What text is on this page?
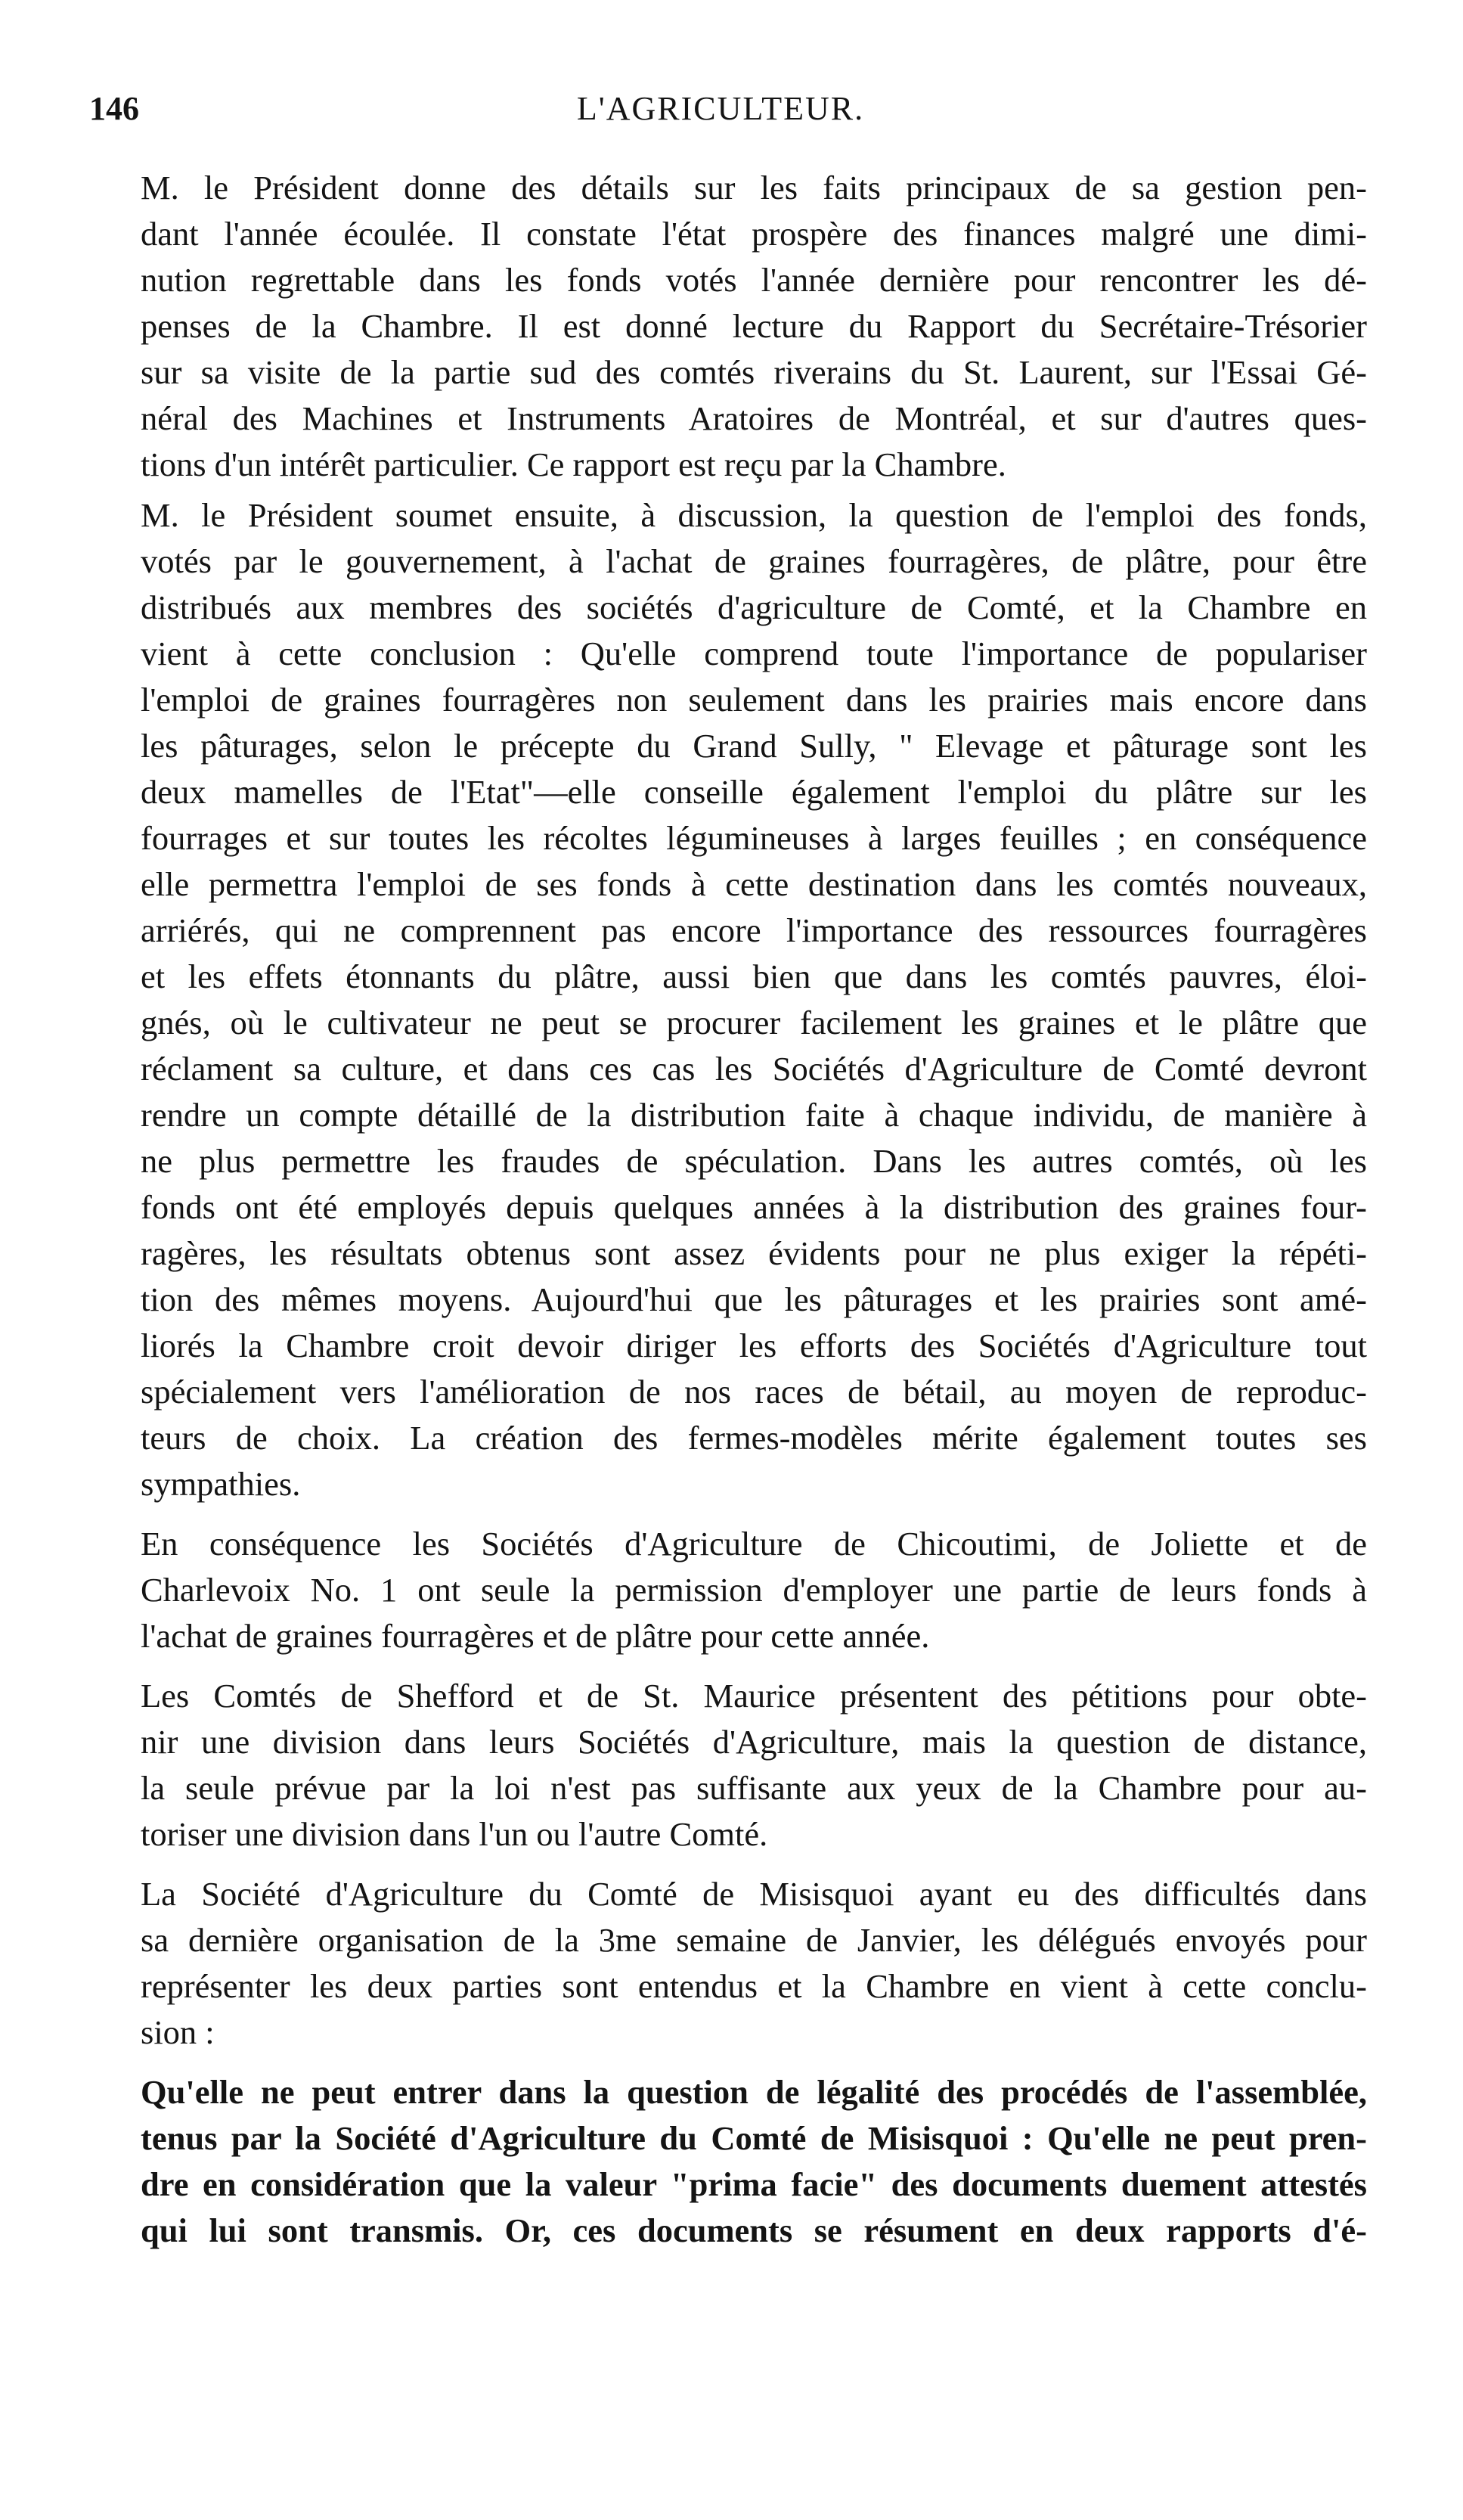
146	L'AGRICULTEUR.

M. le Président donne des détails sur les faits principaux de sa gestion pen-
dant l'année écoulée. Il constate l'état prospère des finances malgré une dimi-
nution regrettable dans les fonds votés l'année dernière pour rencontrer les dé-
penses de la Chambre. Il est donné lecture du Rapport du Secrétaire-Trésorier
sur sa visite de la partie sud des comtés riverains du St. Laurent, sur l'Essai Gé-
néral des Machines et Instruments Aratoires de Montréal, et sur d'autres ques-
tions d'un intérêt particulier. Ce rapport est reçu par la Chambre.

M. le Président soumet ensuite, à discussion, la question de l'emploi des fonds,
votés par le gouvernement, à l'achat de graines fourragères, de plâtre, pour être
distribués aux membres des sociétés d'agriculture de Comté, et la Chambre en
vient à cette conclusion : Qu'elle comprend toute l'importance de populariser
l'emploi de graines fourragères non seulement dans les prairies mais encore dans
les pâturages, selon le précepte du Grand Sully, " Elevage et pâturage sont les
deux mamelles de l'Etat"—elle conseille également l'emploi du plâtre sur les
fourrages et sur toutes les récoltes légumineuses à larges feuilles ; en conséquence
elle permettra l'emploi de ses fonds à cette destination dans les comtés nouveaux,
arriérés, qui ne comprennent pas encore l'importance des ressources fourragères
et les effets étonnants du plâtre, aussi bien que dans les comtés pauvres, éloi-
gnés, où le cultivateur ne peut se procurer facilement les graines et le plâtre que
réclament sa culture, et dans ces cas les Sociétés d'Agriculture de Comté devront
rendre un compte détaillé de la distribution faite à chaque individu, de manière à
ne plus permettre les fraudes de spéculation. Dans les autres comtés, où les
fonds ont été employés depuis quelques années à la distribution des graines four-
ragères, les résultats obtenus sont assez évidents pour ne plus exiger la répéti-
tion des mêmes moyens. Aujourd'hui que les pâturages et les prairies sont amé-
liorés la Chambre croit devoir diriger les efforts des Sociétés d'Agriculture tout
spécialement vers l'amélioration de nos races de bétail, au moyen de reproduc-
teurs de choix. La création des fermes-modèles mérite également toutes ses
sympathies.

En conséquence les Sociétés d'Agriculture de Chicoutimi, de Joliette et de
Charlevoix No. 1 ont seule la permission d'employer une partie de leurs fonds à
l'achat de graines fourragères et de plâtre pour cette année.

Les Comtés de Shefford et de St. Maurice présentent des pétitions pour obte-
nir une division dans leurs Sociétés d'Agriculture, mais la question de distance,
la seule prévue par la loi n'est pas suffisante aux yeux de la Chambre pour au-
toriser une division dans l'un ou l'autre Comté.

La Société d'Agriculture du Comté de Misisquoi ayant eu des difficultés dans
sa dernière organisation de la 3me semaine de Janvier, les délégués envoyés pour
représenter les deux parties sont entendus et la Chambre en vient à cette conclu-
sion :

Qu'elle ne peut entrer dans la question de légalité des procédés de l'assemblée,
tenus par la Société d'Agriculture du Comté de Misisquoi : Qu'elle ne peut pren-
dre en considération que la valeur "prima facie" des documents duement attestés
qui lui sont transmis. Or, ces documents se résument en deux rapports d'é-
